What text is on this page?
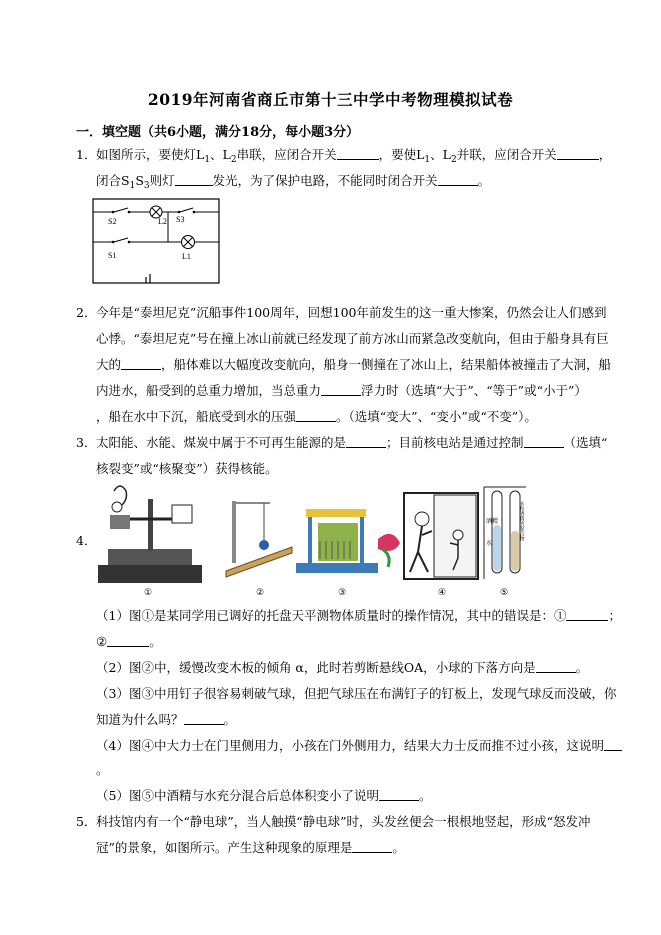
2019年河南省商丘市第十三中学中考物理模拟试卷
一．填空题（共6小题，满分18分，每小题3分）
1． 如图所示，要使灯$L_1$、$L_2$串联，应闭合开关	，要使$L_1$、$L_2$并联，应闭合开关	，
闭合$S_1S_3$则灯	发光，为了保护电路，不能同时闭合开关	。
S2	S3
L2
S1	L1
2． 今年是“泰坦尼克”沉船事件100周年，回想100年前发生的这一重大惨案，仍然会让人们感到
心悸。“泰坦尼克”号在撞上冰山前就已经发现了前方冰山而紧急改变航向，但由于船身具有巨
大的	，船体难以大幅度改变航向，船身一侧撞在了冰山上，结果船体被撞击了大洞，船
内进水，船受到的总重力增加，当总重力	浮力时（选填“大于”、“等于”或“小于”）
，船在水中下沉，船底受到水的压强	。（选填“变大”、“变小”或“不变”）。
3． 太阳能、水能、煤炭中属于不可再生能源的是	；目前核电站是通过控制	（选填“
核裂变”或“核聚变”）获得核能。
4．
①	②	③	④
酒精
水
水和酒精的混合物
⑤
（1）图①是某同学用已调好的托盘天平测物体质量时的操作情况，其中的错误是：①	；
②	。
（2）图②中，缓慢改变木板的倾角 α，此时若剪断悬线OA，小球的下落方向是	。
（3）图③中用钉子很容易刺破气球，但把气球压在布满钉子的钉板上，发现气球反而没破，你
知道为什么吗？	。
（4）图④中大力士在门里侧用力，小孩在门外侧用力，结果大力士反而推不过小孩，这说明
。
（5）图⑤中酒精与水充分混合后总体积变小了说明	。
5． 科技馆内有一个“静电球”，当人触摸“静电球”时，头发丝便会一根根地竖起，形成“怒发冲
冠”的景象，如图所示。产生这种现象的原理是	。
